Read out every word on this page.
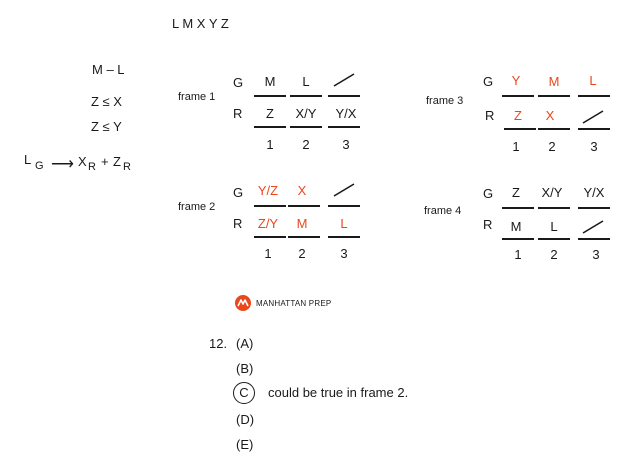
L M X Y Z
M – L
Z ≤ X
Z ≤ Y
L G ⟶ X R + Z R
frame 1
G
R
M	L
Z	X/Y	Y/X
1	2	3
frame 2
G
R
Y/Z	X
Z/Y	M	L
1	2	3
frame 3
G
R
Y	M	L
Z	X
1	2	3
frame 4
G
R
Z	X/Y	Y/X
M	L
1	2	3
MANHATTAN PREP
12. (A)
(B)
C	could be true in frame 2.
(D)
(E)
